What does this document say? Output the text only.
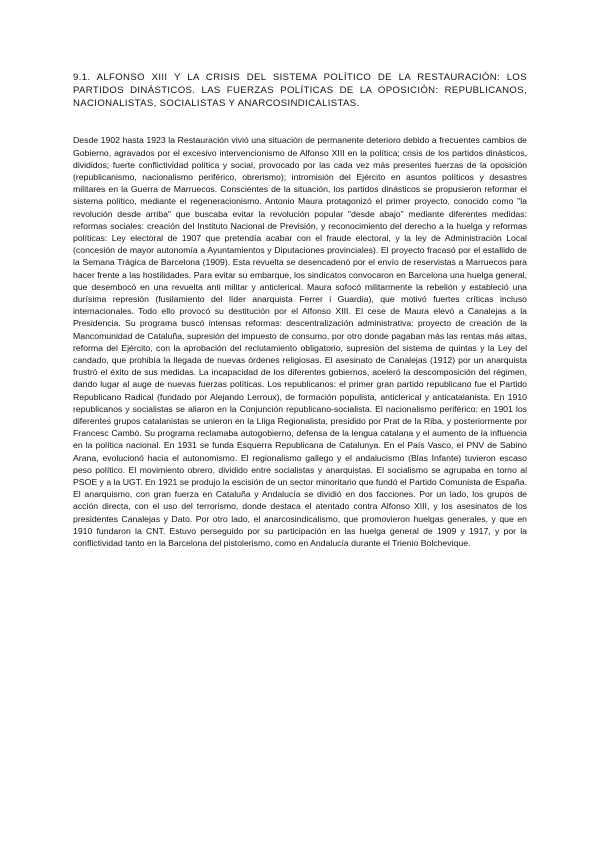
9.1. ALFONSO XIII Y LA CRISIS DEL SISTEMA POLÍTICO DE LA RESTAURACIÓN: LOS PARTIDOS DINÁSTICOS. LAS FUERZAS POLÍTICAS DE LA OPOSICIÓN: REPUBLICANOS, NACIONALISTAS, SOCIALISTAS Y ANARCOSINDICALISTAS.

Desde 1902 hasta 1923 la Restauración vivió una situación de permanente deterioro debido a frecuentes cambios de Gobierno, agravados por el excesivo intervencionismo de Alfonso XIII en la política; crisis de los partidos dinásticos, divididos; fuerte conflictividad política y social, provocado por las cada vez más presentes fuerzas de la oposición (republicanismo, nacionalismo periférico, obrerismo); intromisión del Ejército en asuntos políticos y desastres militares en la Guerra de Marruecos. Conscientes de la situación, los partidos dinásticos se propusieron reformar el sistema político, mediante el regeneracionismo. Antonio Maura protagonizó el primer proyecto, conocido como "la revolución desde arriba" que buscaba evitar la revolución popular "desde abajo" mediante diferentes medidas: reformas sociales: creación del Instituto Nacional de Previsión, y reconocimiento del derecho a la huelga y reformas políticas: Ley electoral de 1907 que pretendía acabar con el fraude electoral, y la ley de Administración Local (concesión de mayor autonomía a Ayuntamientos y Diputaciones provinciales). El proyecto fracasó por el estallido de la Semana Trágica de Barcelona (1909). Esta revuelta se desencadenó por el envío de reservistas a Marruecos para hacer frente a las hostilidades. Para evitar su embarque, los sindicatos convocaron en Barcelona una huelga general, que desembocó en una revuelta anti militar y anticlerical. Maura sofocó militarmente la rebelión y estableció una durísima represión (fusilamiento del líder anarquista Ferrer i Guardia), que motivó fuertes críticas incluso internacionales. Todo ello provocó su destitución por el Alfonso XIII. El cese de Maura elevó a Canalejas a la Presidencia. Su programa buscó intensas reformas: descentralización administrativa: proyecto de creación de la Mancomunidad de Cataluña, supresión del impuesto de consumo, por otro donde pagaban más las rentas más altas, reforma del Ejército, con la aprobación del reclutamiento obligatorio, supresión del sistema de quintas y la Ley del candado, que prohibía la llegada de nuevas órdenes religiosas. El asesinato de Canalejas (1912) por un anarquista frustró el éxito de sus medidas. La incapacidad de los diferentes gobiernos, aceleró la descomposición del régimen, dando lugar al auge de nuevas fuerzas políticas. Los republicanos: el primer gran partido republicano fue el Partido Republicano Radical (fundado por Alejando Lerroux), de formación populista, anticlerical y anticatalanista. En 1910 republicanos y socialistas se aliaron en la Conjunción republicano-socialista. El nacionalismo periférico: en 1901 los diferentes grupos catalanistas se unieron en la Lliga Regionalista, presidido por Prat de la Riba, y posteriormente por Francesc Cambó. Su programa reclamaba autogobierno, defensa de la lengua catalana y el aumento de la influencia en la política nacional. En 1931 se funda Esquerra Republicana de Catalunya. En el País Vasco, el PNV de Sabino Arana, evolucionó hacia el autonomismo. El regionalismo gallego y el andalucismo (Blas Infante) tuvieron escaso peso político. El movimiento obrero, dividido entre socialistas y anarquistas. El socialismo se agrupaba en torno al PSOE y a la UGT. En 1921 se produjo la escisión de un sector minoritario que fundó el Partido Comunista de España. El anarquismo, con gran fuerza en Cataluña y Andalucía se dividió en dos facciones. Por un lado, los grupos de acción directa, con el uso del terrorismo, donde destaca el atentado contra Alfonso XIII, y los asesinatos de los presidentes Canalejas y Dato. Por otro lado, el anarcosindicalismo, que promovieron huelgas generales, y que en 1910 fundaron la CNT. Estuvo perseguido por su participación en las huelga general de 1909 y 1917, y por la conflictividad tanto en la Barcelona del pistolerismo, como en Andalucía durante el Trienio Bolchevique.
